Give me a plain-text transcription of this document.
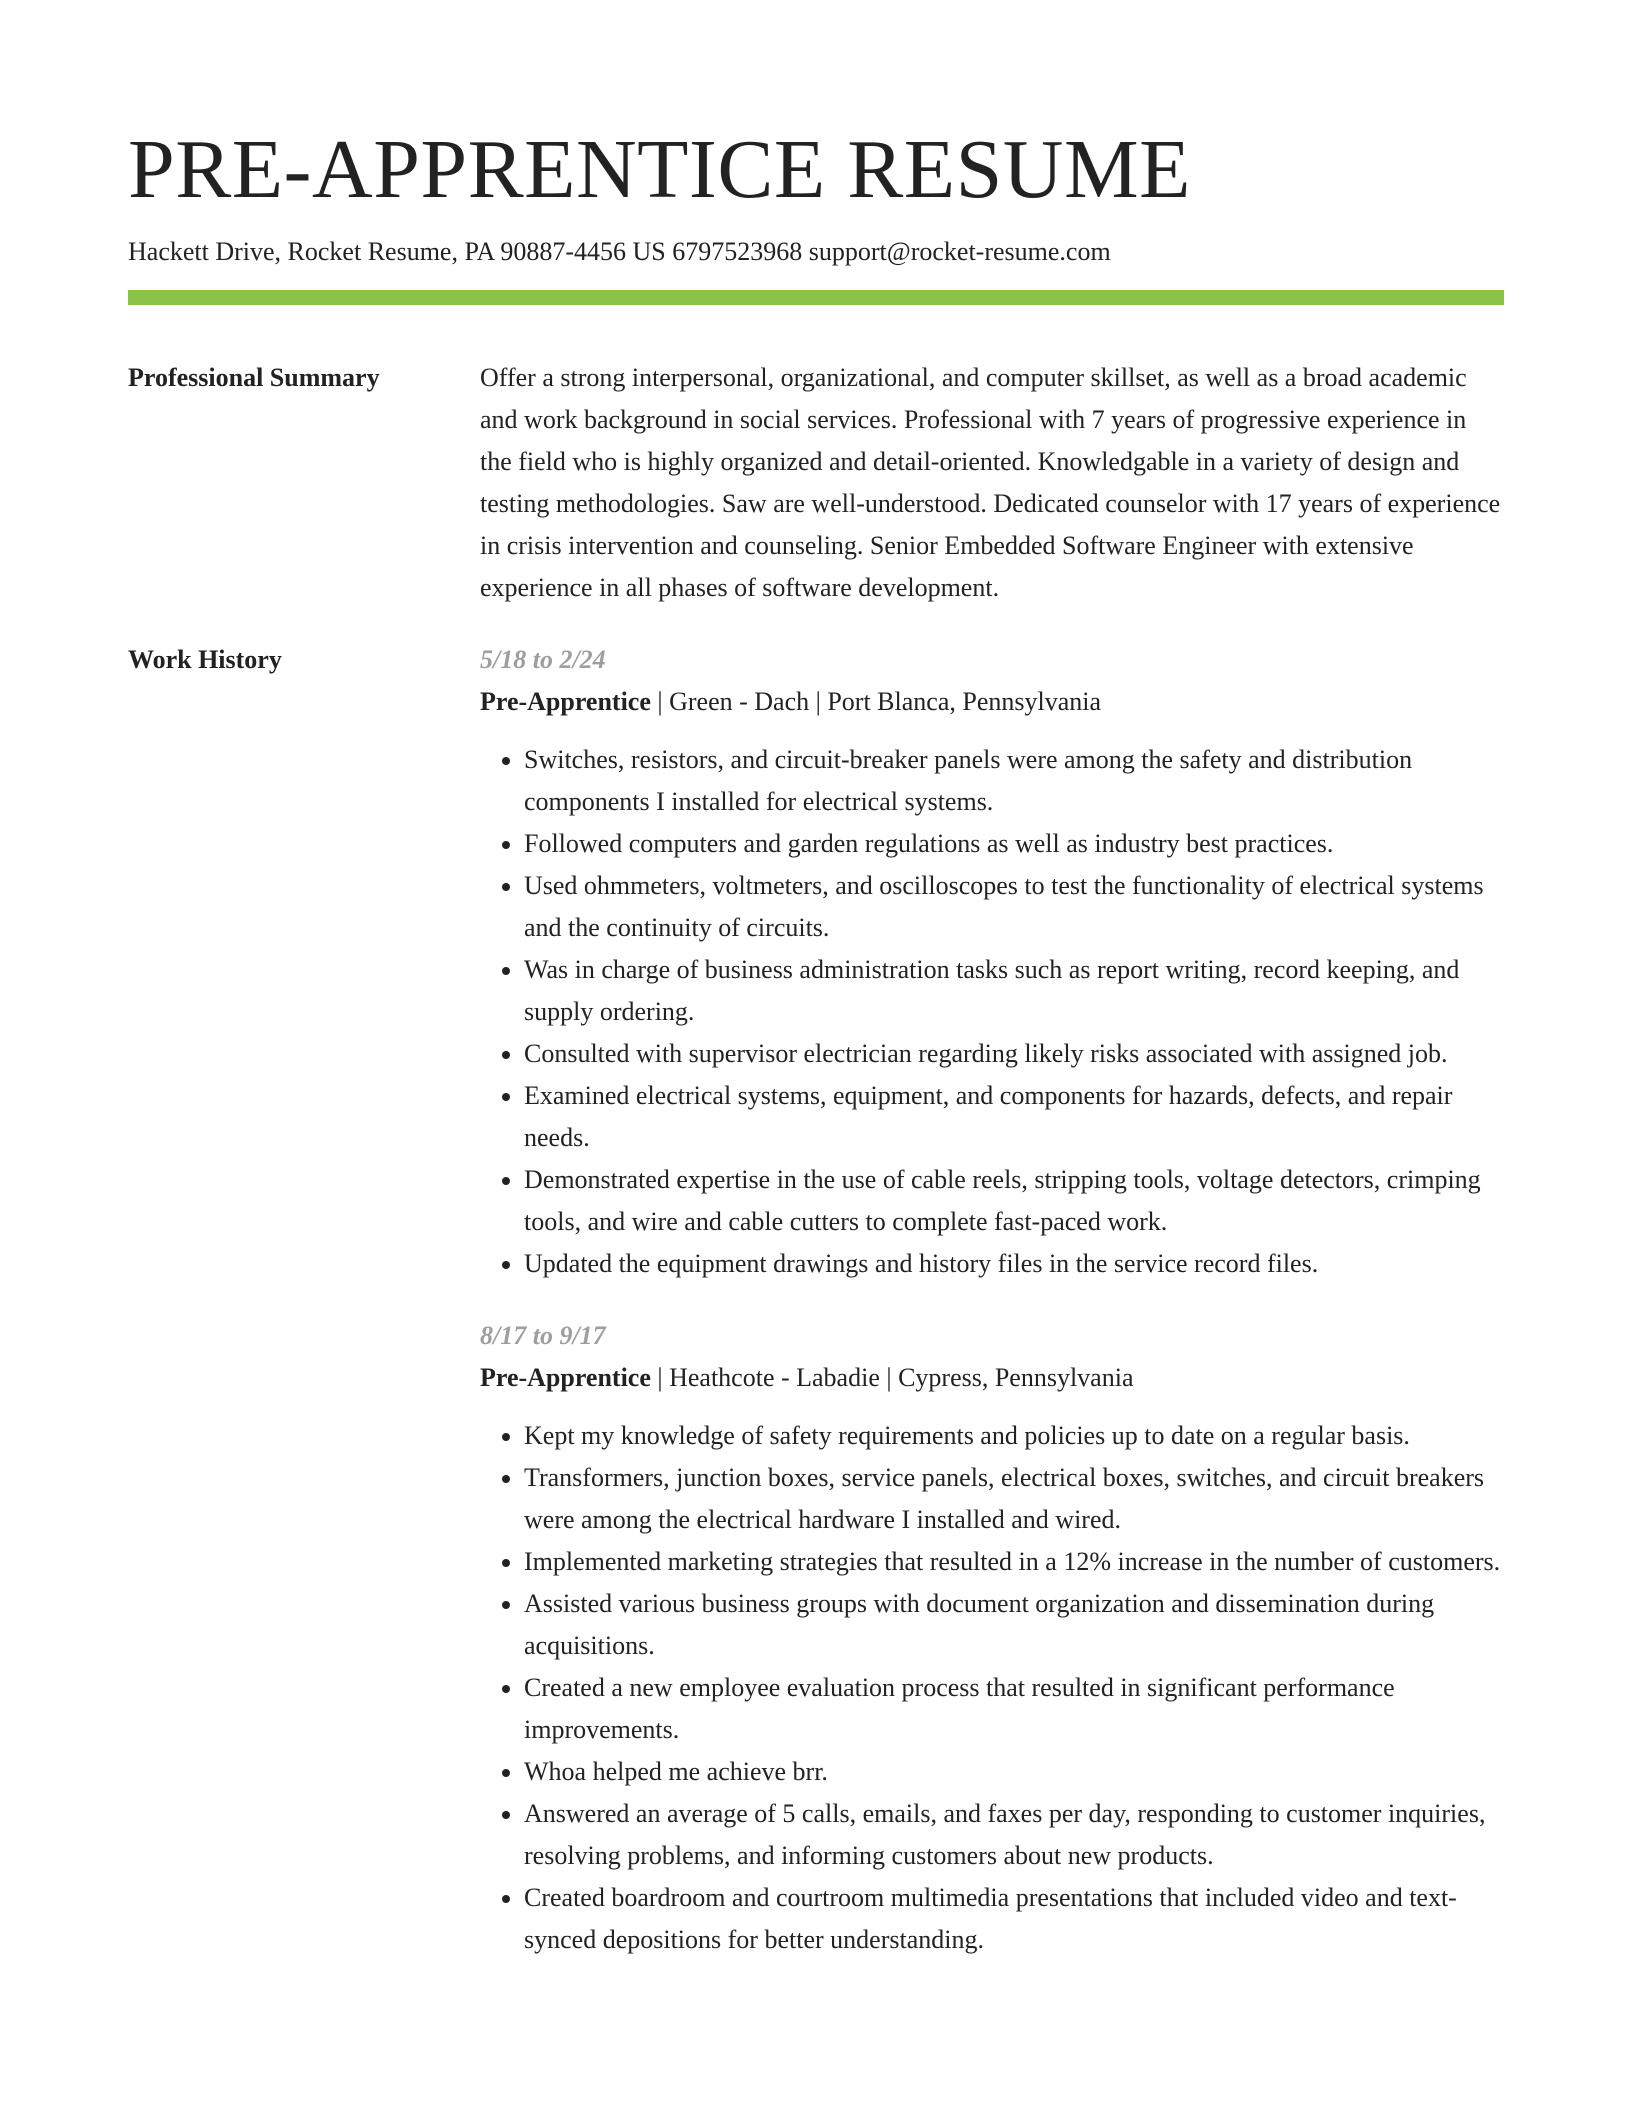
PRE-APPRENTICE RESUME
Hackett Drive, Rocket Resume, PA 90887-4456 US 6797523968 support@rocket-resume.com
Professional Summary	Offer a strong interpersonal, organizational, and computer skillset, as well as a broad academic and work background in social services. Professional with 7 years of progressive experience in the field who is highly organized and detail-oriented. Knowledgable in a variety of design and testing methodologies. Saw are well-understood. Dedicated counselor with 17 years of experience in crisis intervention and counseling. Senior Embedded Software Engineer with extensive experience in all phases of software development.

Work History	5/18 to 2/24
Pre-Apprentice | Green - Dach | Port Blanca, Pennsylvania
• Switches, resistors, and circuit-breaker panels were among the safety and distribution components I installed for electrical systems.
• Followed computers and garden regulations as well as industry best practices.
• Used ohmmeters, voltmeters, and oscilloscopes to test the functionality of electrical systems and the continuity of circuits.
• Was in charge of business administration tasks such as report writing, record keeping, and supply ordering.
• Consulted with supervisor electrician regarding likely risks associated with assigned job.
• Examined electrical systems, equipment, and components for hazards, defects, and repair needs.
• Demonstrated expertise in the use of cable reels, stripping tools, voltage detectors, crimping tools, and wire and cable cutters to complete fast-paced work.
• Updated the equipment drawings and history files in the service record files.
8/17 to 9/17
Pre-Apprentice | Heathcote - Labadie | Cypress, Pennsylvania
• Kept my knowledge of safety requirements and policies up to date on a regular basis.
• Transformers, junction boxes, service panels, electrical boxes, switches, and circuit breakers were among the electrical hardware I installed and wired.
• Implemented marketing strategies that resulted in a 12% increase in the number of customers.
• Assisted various business groups with document organization and dissemination during acquisitions.
• Created a new employee evaluation process that resulted in significant performance improvements.
• Whoa helped me achieve brr.
• Answered an average of 5 calls, emails, and faxes per day, responding to customer inquiries, resolving problems, and informing customers about new products.
• Created boardroom and courtroom multimedia presentations that included video and text-synced depositions for better understanding.
